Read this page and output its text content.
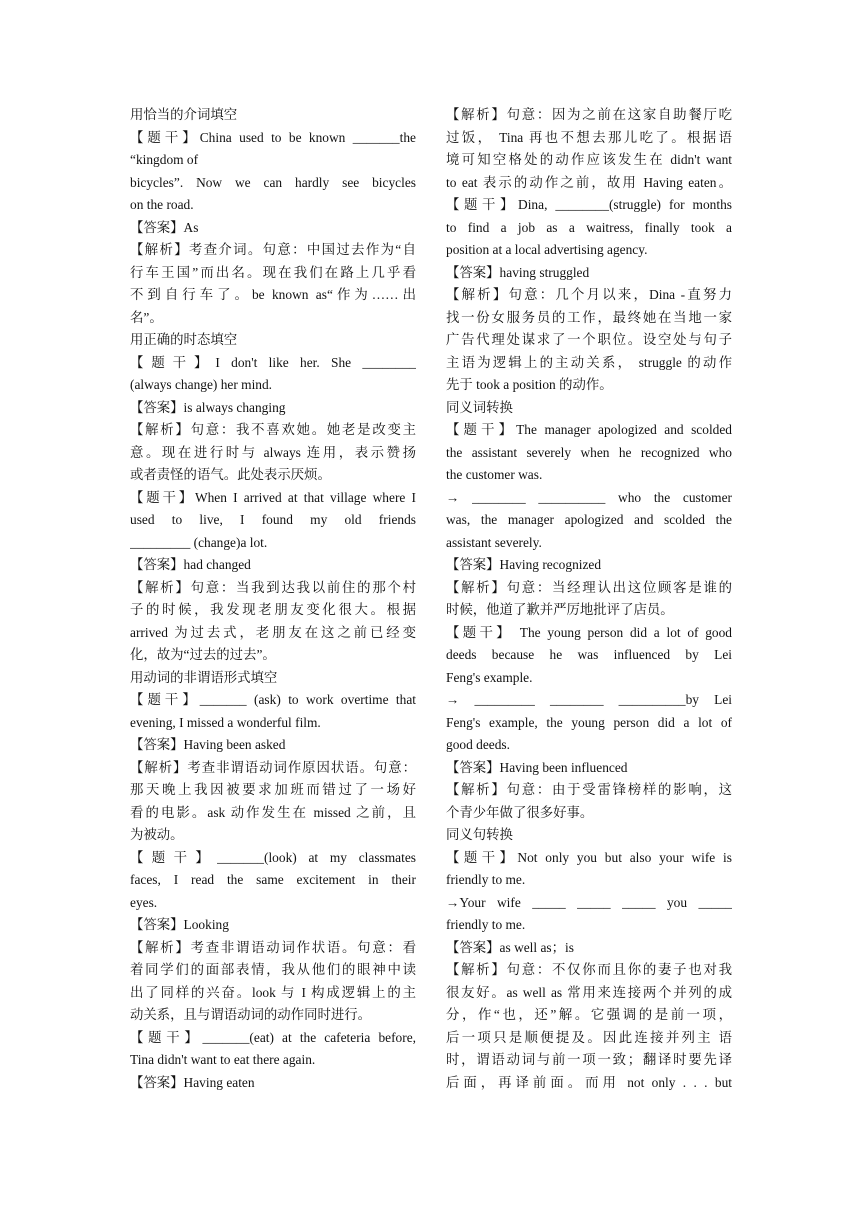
用恰当的介词填空
【题干】China used to be known _______the
“kingdom of
bicycles”. Now we can hardly see bicycles
on the road.
【答案】As
【解析】考查介词。句意：中国过去作为“自
行车王国”而出名。现在我们在路上几乎看
不到自行车了。be known as“作为……出
名”。
用正确的时态填空
【题干】I don't like her. She ________
(always change) her mind.
【答案】is always changing
【解析】句意：我不喜欢她。她老是改变主
意。现在进行时与 always 连用，表示赞扬
或者责怪的语气。此处表示厌烦。
【题干】When I arrived at that village where I
used to live, I found my old friends
_________ (change)a lot.
【答案】had changed
【解析】句意：当我到达我以前住的那个村
子的时候，我发现老朋友变化很大。根据
arrived 为过去式，老朋友在这之前已经变
化，故为“过去的过去”。
用动词的非谓语形式填空
【题干】_______ (ask) to work overtime that
evening, I missed a wonderful film.
【答案】Having been asked
【解析】考查非谓语动词作原因状语。句意：
那天晚上我因被要求加班而错过了一场好
看的电影。ask 动作发生在 missed 之前，且
为被动。
【题干】_______(look) at my classmates
faces, I read the same excitement in their
eyes.
【答案】Looking
【解析】考查非谓语动词作状语。句意：看
着同学们的面部表情，我从他们的眼神中读
出了同样的兴奋。look 与 I 构成逻辑上的主
动关系，且与谓语动词的动作同时进行。
【题干】_______(eat) at the cafeteria before,
Tina didn't want to eat there again.
【答案】Having eaten
【解析】句意：因为之前在这家自助餐厅吃
过饭， Tina 再也不想去那儿吃了。根据语
境可知空格处的动作应该发生在 didn't want
to eat 表示的动作之前，故用 Having eaten。
【题干】Dina, ________(struggle) for months
to find a job as a waitress, finally took a
position at a local advertising agency.
【答案】having struggled
【解析】句意：几个月以来，Dina -直努力
找一份女服务员的工作，最终她在当地一家
广告代理处谋求了一个职位。设空处与句子
主语为逻辑上的主动关系， struggle 的动作
先于 took a position 的动作。
同义词转换
【题干】The manager apologized and scolded
the assistant severely when he recognized who
the customer was.
→ ________ __________ who the customer
was, the manager apologized and scolded the
assistant severely.
【答案】Having recognized
【解析】句意：当经理认出这位顾客是谁的
时候，他道了歉并严厉地批评了店员。
【题干】 The young person did a lot of good
deeds because he was influenced by Lei
Feng's example.
→ _________ ________ __________by Lei
Feng's example, the young person did a lot of
good deeds.
【答案】Having been influenced
【解析】句意：由于受雷锋榜样的影响，这
个青少年做了很多好事。
同义句转换
【题干】Not only you but also your wife is
friendly to me.
→Your wife _____ _____ _____ you _____
friendly to me.
【答案】as well as；is
【解析】句意：不仅你而且你的妻子也对我
很友好。as well as 常用来连接两个并列的成
分，作“也，还”解。它强调的是前一项，
后一项只是顺便提及。因此连接并列主 语
时，谓语动词与前一项一致；翻译时要先译
后面，再译前面。而用 not only . . . but
